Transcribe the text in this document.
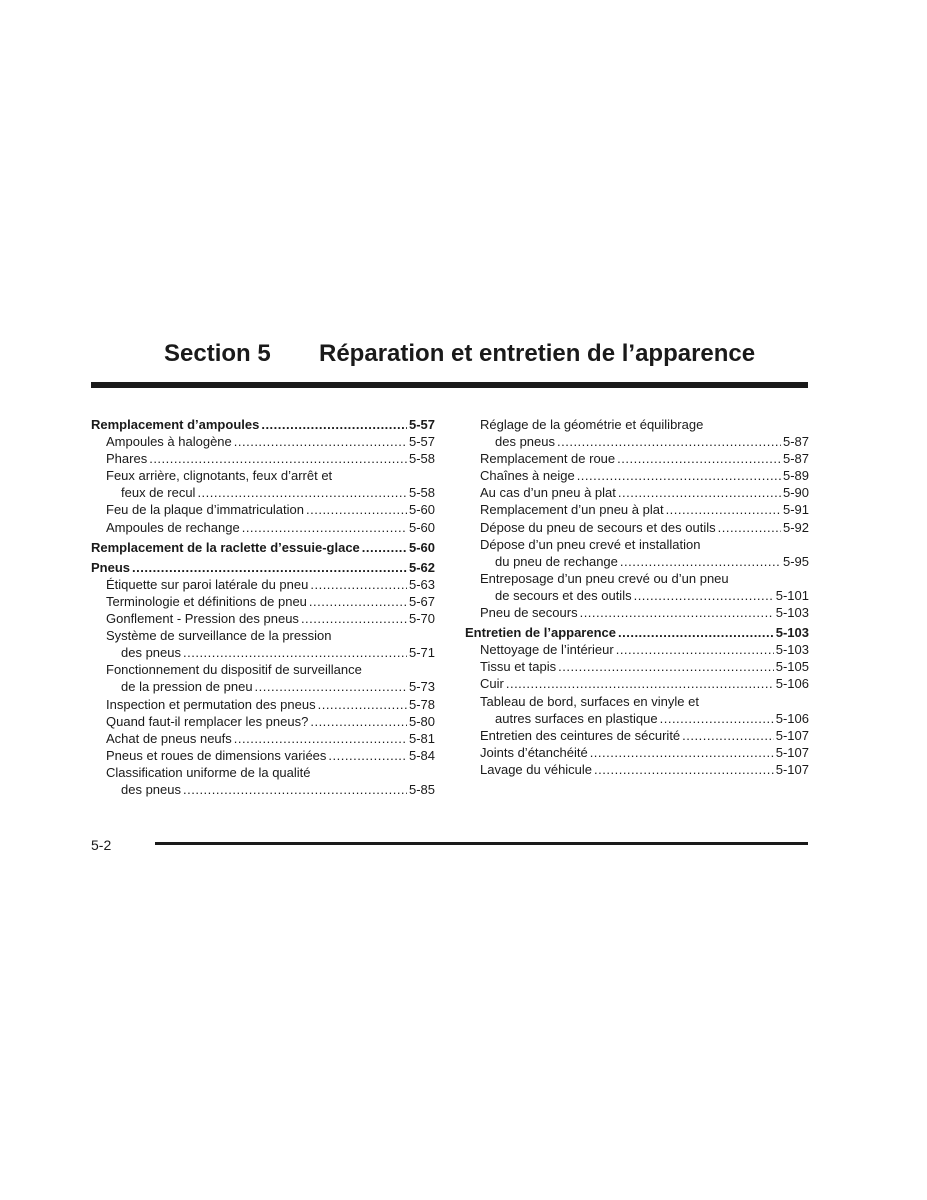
Section 5 Réparation et entretien de l’apparence
Remplacement d’ampoules .....	5-57
Ampoules à halogène .....	5-57
Phares .....	5-58
Feux arrière, clignotants, feux d’arrêt et
feux de recul .....	5-58
Feu de la plaque d’immatriculation .....	5-60
Ampoules de rechange .....	5-60
Remplacement de la raclette d’essuie-glace .....	5-60
Pneus .....	5-62
Étiquette sur paroi latérale du pneu .....	5-63
Terminologie et définitions de pneu .....	5-67
Gonflement - Pression des pneus .....	5-70
Système de surveillance de la pression
des pneus .....	5-71
Fonctionnement du dispositif de surveillance
de la pression de pneu .....	5-73
Inspection et permutation des pneus .....	5-78
Quand faut-il remplacer les pneus? .....	5-80
Achat de pneus neufs .....	5-81
Pneus et roues de dimensions variées .....	5-84
Classification uniforme de la qualité
des pneus .....	5-85
Réglage de la géométrie et équilibrage
des pneus .....	5-87
Remplacement de roue .....	5-87
Chaînes à neige .....	5-89
Au cas d’un pneu à plat .....	5-90
Remplacement d’un pneu à plat .....	5-91
Dépose du pneu de secours et des outils .....	5-92
Dépose d’un pneu crevé et installation
du pneu de rechange .....	5-95
Entreposage d’un pneu crevé ou d’un pneu
de secours et des outils .....	5-101
Pneu de secours .....	5-103
Entretien de l’apparence .....	5-103
Nettoyage de l’intérieur .....	5-103
Tissu et tapis .....	5-105
Cuir .....	5-106
Tableau de bord, surfaces en vinyle et
autres surfaces en plastique .....	5-106
Entretien des ceintures de sécurité .....	5-107
Joints d’étanchéité .....	5-107
Lavage du véhicule .....	5-107
5-2
